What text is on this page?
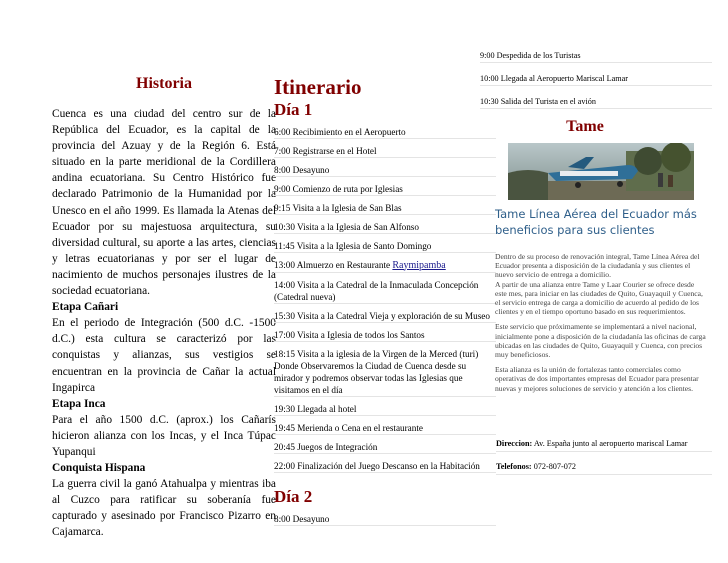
Historia

Cuenca es una ciudad del centro sur de la República del Ecuador, es la capital de la provincia del Azuay y de la Región 6. Está situado en la parte meridional de la Cordillera andina ecuatoriana. Su Centro Histórico fue declarado Patrimonio de la Humanidad por la Unesco en el año 1999. Es llamada la Atenas del Ecuador por su majestuosa arquitectura, su diversidad cultural, su aporte a las artes, ciencias y letras ecuatorianas y por ser el lugar de nacimiento de muchos personajes ilustres de la sociedad ecuatoriana.
Etapa Cañari
En el periodo de Integración (500 d.C. -1500 d.C.) esta cultura se caracterizó por las conquistas y alianzas, sus vestigios se encuentran en la provincia de Cañar la actual Ingapirca
Etapa Inca
Para el año 1500 d.C. (aprox.) los Cañarís hicieron alianza con los Incas, y el Inca Túpac Yupanqui
Conquista Hispana
La guerra civil la ganó Atahualpa y mientras iba al Cuzco para ratificar su soberanía fue capturado y asesinado por Francisco Pizarro en Cajamarca.

Itinerario
Día 1
6:00 Recibimiento en el Aeropuerto
7:00 Registrarse en el Hotel
8:00 Desayuno
9:00 Comienzo de ruta por Iglesias
9:15 Visita a la Iglesia de San Blas
10:30 Visita a la Iglesia de San Alfonso
11:45 Visita a la Iglesia de Santo Domingo
13:00 Almuerzo en Restaurante Raymipamba
14:00 Visita a la Catedral de la Inmaculada Concepción (Catedral nueva)
15:30 Visita a la Catedral Vieja y exploración de su Museo
17:00 Visita a Iglesia de todos los Santos
18:15 Visita a la iglesia de la Virgen de la Merced (turi) Donde Observaremos la Ciudad de Cuenca desde su mirador y podremos observar todas las Iglesias que visitamos en el día
19:30 Llegada al hotel
19:45 Merienda o Cena en el restaurante
20:45 Juegos de Integración
22:00 Finalización del Juego Descanso en la Habitación
Día 2
8:00 Desayuno
9:00 Despedida de los Turistas
10:00 Llegada al Aeropuerto Mariscal Lamar
10:30 Salida del Turista en el avión
Tame
Tame Línea Aérea del Ecuador más beneficios para sus clientes

Dentro de su proceso de renovación integral, Tame Línea Aérea del Ecuador presenta a disposición de la ciudadanía y sus clientes el nuevo servicio de entrega a domicilio.

A partir de una alianza entre Tame y Laar Courier se ofrece desde este mes, para iniciar en las ciudades de Quito, Guayaquil y Cuenca, el servicio entrega de carga a domicilio de acuerdo al pedido de los clientes y en el tiempo oportuno basado en sus requerimientos.

Este servicio que próximamente se implementará a nivel nacional, inicialmente pone a disposición de la ciudadanía las oficinas de carga ubicadas en las ciudades de Quito, Guayaquil y Cuenca, con precios muy beneficiosos.

Esta alianza es la unión de fortalezas tanto comerciales como operativas de dos importantes empresas del Ecuador para presentar nuevas y mejores soluciones de servicio y atención a los clientes.

Direccion: Av. España junto al aeropuerto mariscal Lamar
Telefonos: 072-807-072
